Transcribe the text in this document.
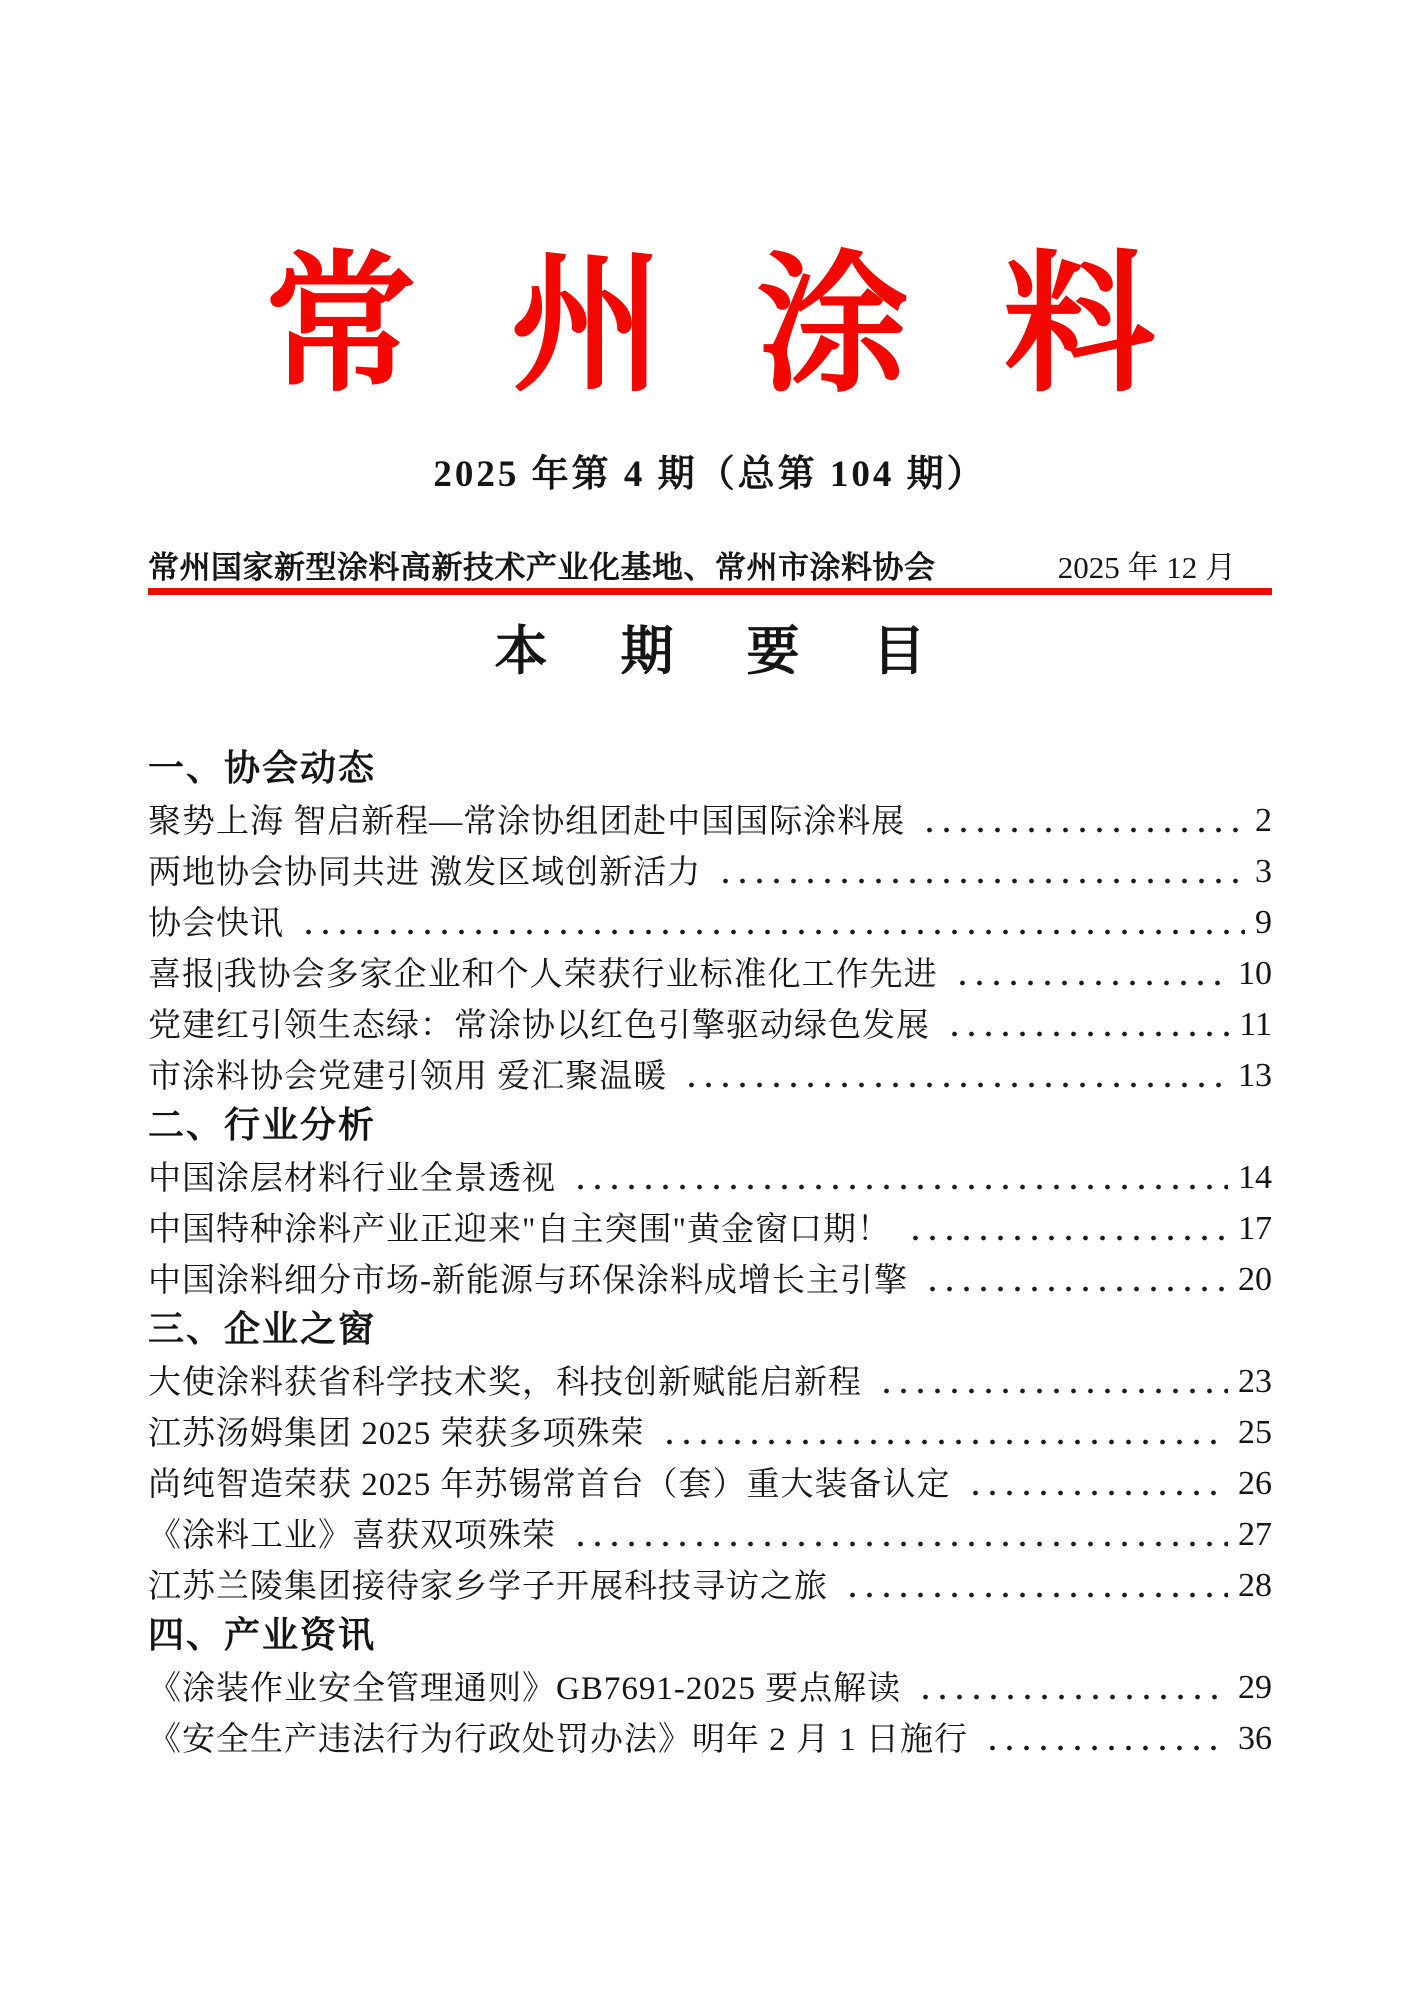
常州涂料
2025 年第 4 期（总第 104 期）
常州国家新型涂料高新技术产业化基地、常州市涂料协会	2025 年 12 月
本 期 要 目
一、协会动态
聚势上海 智启新程—常涂协组团赴中国国际涂料展	2
两地协会协同共进 激发区域创新活力	3
协会快讯	9
喜报|我协会多家企业和个人荣获行业标准化工作先进	10
党建红引领生态绿：常涂协以红色引擎驱动绿色发展	11
市涂料协会党建引领用 爱汇聚温暖	13
二、行业分析
中国涂层材料行业全景透视	14
中国特种涂料产业正迎来"自主突围"黄金窗口期！	17
中国涂料细分市场-新能源与环保涂料成增长主引擎	20
三、企业之窗
大使涂料获省科学技术奖，科技创新赋能启新程	23
江苏汤姆集团 2025 荣获多项殊荣	25
尚纯智造荣获 2025 年苏锡常首台（套）重大装备认定	26
《涂料工业》喜获双项殊荣	27
江苏兰陵集团接待家乡学子开展科技寻访之旅	28
四、产业资讯
《涂装作业安全管理通则》GB7691-2025 要点解读	29
《安全生产违法行为行政处罚办法》明年 2 月 1 日施行	36
